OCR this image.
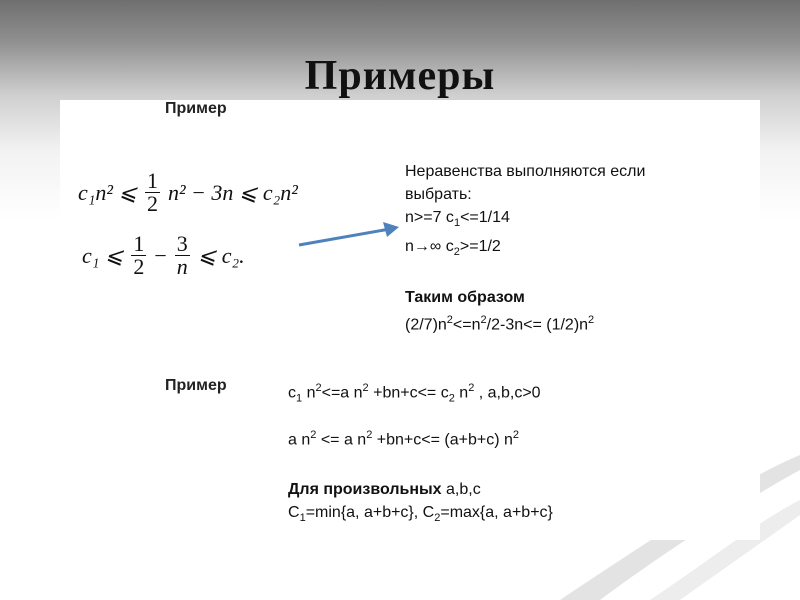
Примеры
Пример
c₁n² ⩽ $\frac{1}{2} n^2 - 3n$ ⩽ c₂n²
c₁ ⩽ $\frac{1}{2} - \frac{3}{n}$ ⩽ c₂.
Неравенства выполняются если
выбрать:
n>=7 $c_1<=1/14$
n→∞ $c_2>=1/2$
Таким образом
$(2/7)n^2<=n^2/2-3n<= (1/2)n^2$
Пример	$c_1$ $n^2<=a$ $n^2 +bn+c<= c_2$ $n^2$ , a,b,c>0
a $n^2 <= a$ $n^2 +bn+c<= (a+b+c)$ $n^2$
Для произвольных a,b,c
$C_1=\min\{a$, a+b+c}, $C_2=\max\{a$, a+b+c}
